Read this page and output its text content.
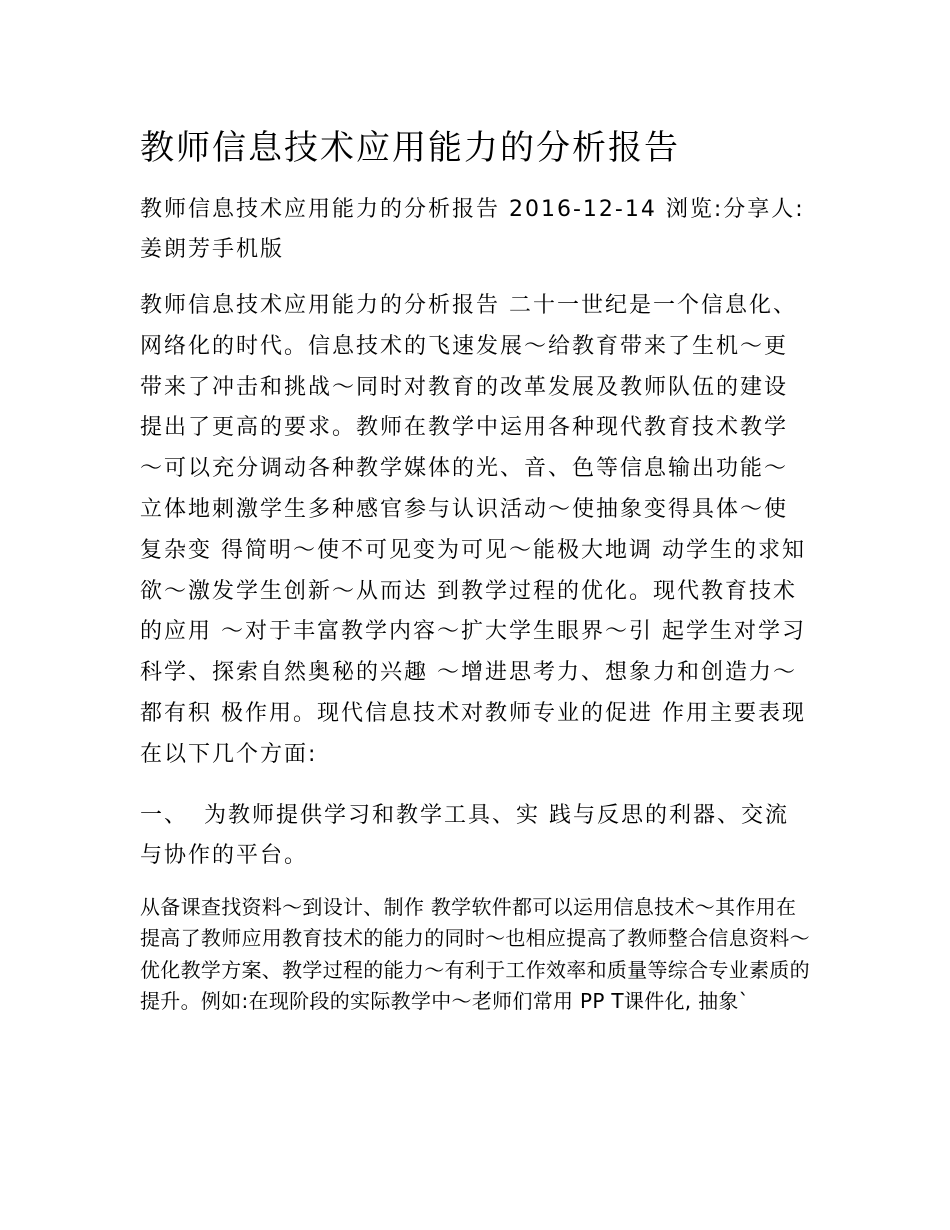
教师信息技术应用能力的分析报告

教师信息技术应用能力的分析报告 2016-12-14 浏览:分享人:姜朗芳手机版

教师信息技术应用能力的分析报告 二十一世纪是一个信息化、网络化的时代。信息技术的飞速发展～给教育带来了生机～更带来了冲击和挑战～同时对教育的改革发展及教师队伍的建设提出了更高的要求。教师在教学中运用各种现代教育技术教学～可以充分调动各种教学媒体的光、音、色等信息输出功能～立体地刺激学生多种感官参与认识活动～使抽象变得具体～使复杂变 得简明～使不可见变为可见～能极大地调 动学生的求知欲～激发学生创新～从而达 到教学过程的优化。现代教育技术的应用 ～对于丰富教学内容～扩大学生眼界～引 起学生对学习科学、探索自然奥秘的兴趣 ～增进思考力、想象力和创造力～都有积 极作用。现代信息技术对教师专业的促进 作用主要表现在以下几个方面:

一、 为教师提供学习和教学工具、实 践与反思的利器、交流与协作的平台。

从备课查找资料～到设计、制作 教学软件都可以运用信息技术～其作用在提高了教师应用教育技术的能力的同时～也相应提高了教师整合信息资料～优化教学方案、教学过程的能力～有利于工作效率和质量等综合专业素质的提升。例如:在现阶段的实际教学中～老师们常用 PP T课件化, 抽象`
